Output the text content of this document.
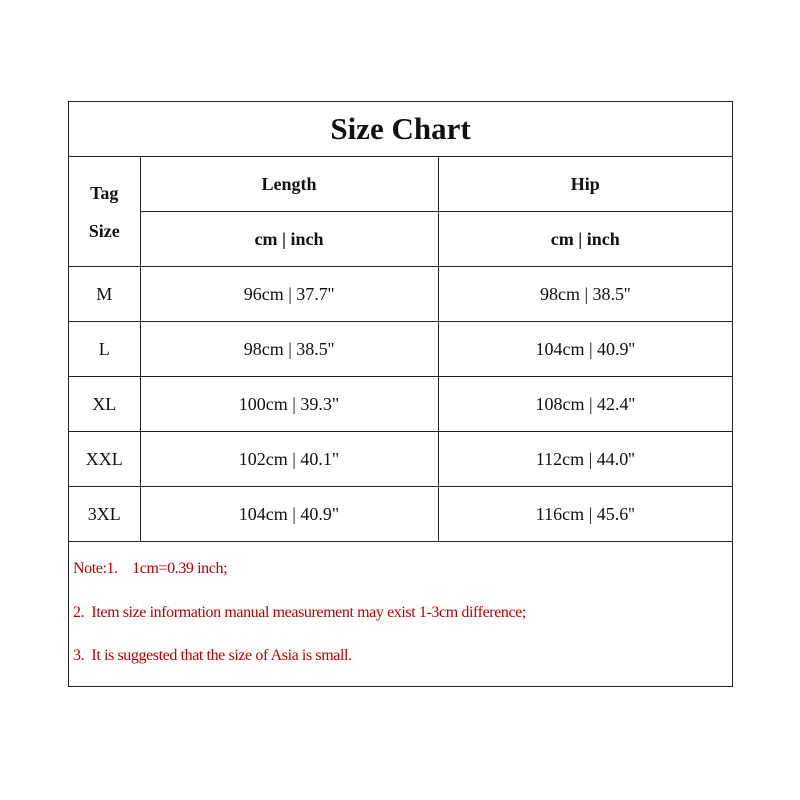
Size Chart
Tag
Size	Length	Hip
	cm | inch	cm | inch
M	96cm | 37.7''	98cm | 38.5''
L	98cm | 38.5''	104cm | 40.9''
XL	100cm | 39.3"	108cm | 42.4''
XXL	102cm | 40.1"	112cm | 44.0''
3XL	104cm | 40.9"	116cm | 45.6''
Note:1.    1cm=0.39 inch;
2.  Item size information manual measurement may exist 1-3cm difference;
3.  It is suggested that the size of Asia is small.
